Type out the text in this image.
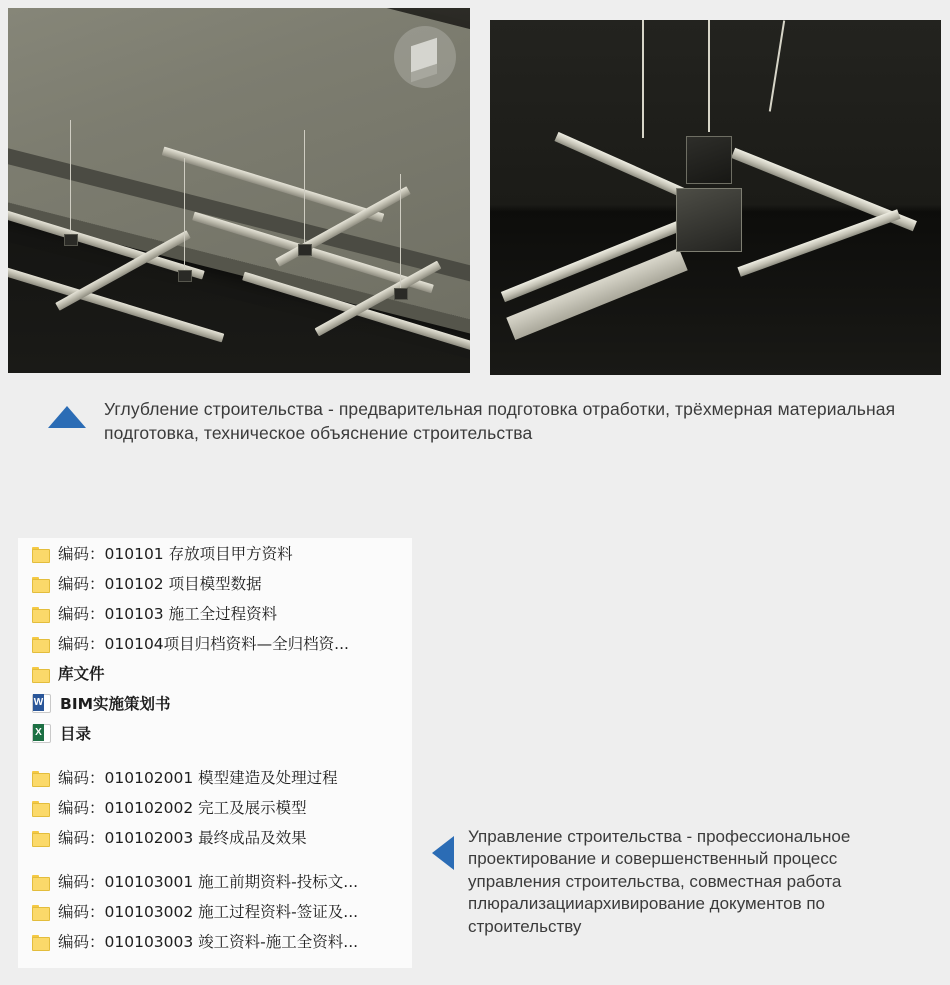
Углубление строительства - предварительная подготовка отработки, трёхмерная материальная подготовка, техническое объяснение строительства
编码：010101 存放项目甲方资料
编码：010102 项目模型数据
编码：010103 施工全过程资料
编码：010104项目归档资料—全归档资...
库文件
W
BIM实施策划书
X
目录
编码：010102001 模型建造及处理过程
编码：010102002 完工及展示模型
编码：010102003 最终成品及效果
编码：010103001 施工前期资料-投标文...
编码：010103002 施工过程资料-签证及...
编码：010103003 竣工资料-施工全资料...
Управление строительства - профессиональное проектирование и совершенственный процесс управления строительства, совместная работа плюрализацииархивирование документов по строительству
